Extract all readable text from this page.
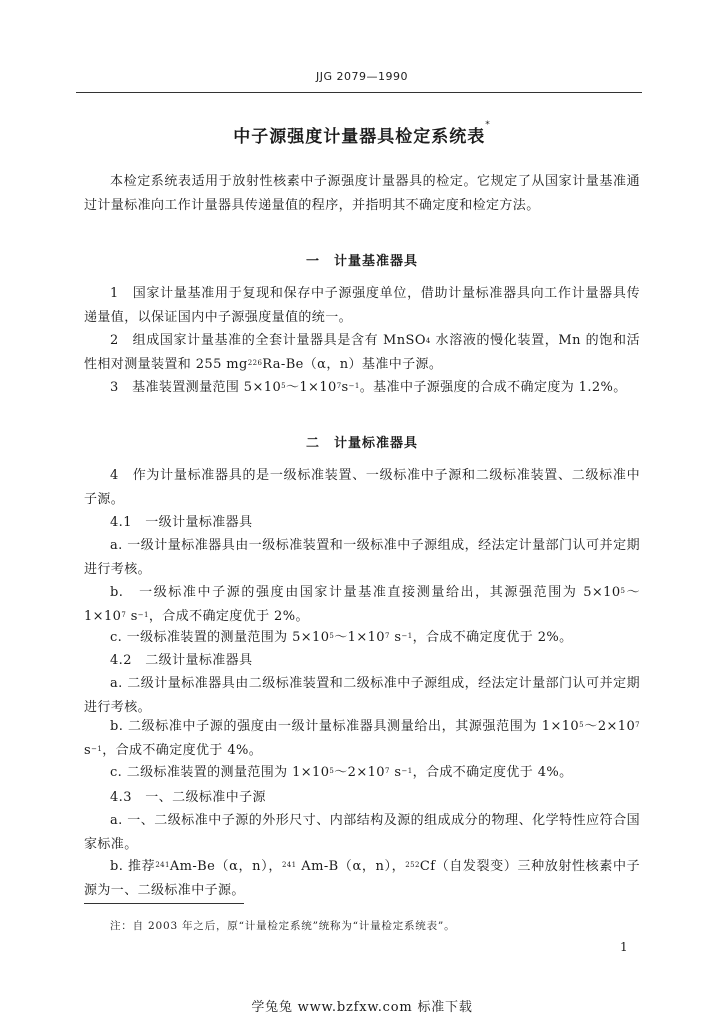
JJG 2079—1990
中子源强度计量器具检定系统表*

本检定系统表适用于放射性核素中子源强度计量器具的检定。它规定了从国家计量基准通过计量标准向工作计量器具传递量值的程序，并指明其不确定度和检定方法。

一　计量基准器具

1　国家计量基准用于复现和保存中子源强度单位，借助计量标准器具向工作计量器具传递量值，以保证国内中子源强度量值的统一。

2　组成国家计量基准的全套计量器具是含有 MnSO$_4$ 水溶液的慢化装置，Mn 的饱和活性相对测量装置和 255 $mg^{226}Ra-Be(\alpha$，n）基准中子源。

3　基准装置测量范围 $5\times 10^5\sim 1\times 10^7s^{-1}$。基准中子源强度的合成不确定度为 1.2%。

二　计量标准器具

4　作为计量标准器具的是一级标准装置、一级标准中子源和二级标准装置、二级标准中子源。

4.1　一级计量标准器具

a. 一级计量标准器具由一级标准装置和一级标准中子源组成，经法定计量部门认可并定期进行考核。

b.　一级标准中子源的强度由国家计量基准直接测量给出，其源强范围为 $5\times 10^5\sim 1\times 10^7$ $s^{-1}$，合成不确定度优于 2%。

c. 一级标准装置的测量范围为 $5\times 10^5\sim 1\times 10^7$ $s^{-1}$，合成不确定度优于 2%。

4.2　二级计量标准器具

a. 二级计量标准器具由二级标准装置和二级标准中子源组成，经法定计量部门认可并定期进行考核。

b. 二级标准中子源的强度由一级计量标准器具测量给出，其源强范围为 $1\times 10^5\sim 2\times 10^7$ $s^{-1}$，合成不确定度优于 4%。

c. 二级标准装置的测量范围为 $1\times 10^5\sim 2\times 10^7$ $s^{-1}$，合成不确定度优于 4%。

4.3　一、二级标准中子源

a. 一、二级标准中子源的外形尺寸、内部结构及源的组成成分的物理、化学特性应符合国家标准。

b. 推荐$^{241}$Am-Be（α，n），$^{241}$ Am-B（α，n），$^{252}$Cf（自发裂变）三种放射性核素中子源为一、二级标准中子源。

注：自 2003 年之后，原“计量检定系统”统称为“计量检定系统表”。
1
学兔兔 www.bzfxw.com 标准下载
